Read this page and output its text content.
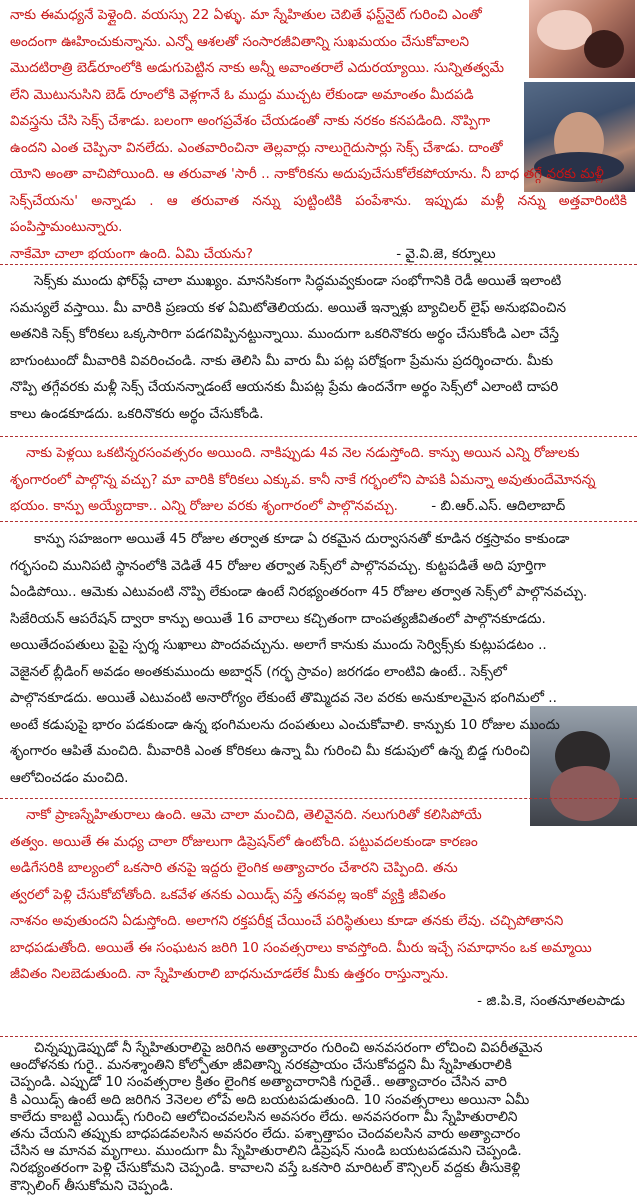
నాకు ఈమధ్యనే పెళ్లైంది. వయస్సు 22 ఏళ్ళు. మా స్నేహితుల చెబితే ఫస్ట్‌నైట్ గురించి ఎంతో

అందంగా ఊహించుకున్నాను. ఎన్నో ఆశలతో సంసారజీవితాన్ని సుఖమయం చేసుకోవాలని

మొదటిరాత్రి బెడ్‌రూంలోకి అడుగుపెట్టిన నాకు అన్నీ అవాంతరాలే ఎదురయ్యాయి. సున్నితత్వమే

లేని మొటునుసిని బెడ్ రూంలోకి వెళ్లగానే ఓ ముద్దు ముచ్చట లేకుండా అమాంతం మీదపడి

వివస్త్రను చేసి సెక్స్ చేశాడు. బలంగా అంగప్రవేశం చేయడంతో నాకు నరకం కనపడింది. నొప్పిగా

ఉందని ఎంత చెప్పినా వినలేదు. ఎంతవారించినా తెల్లవార్లు నాలుగైదుసార్లు సెక్స్ చేశాడు. దాంతో

యోని అంతా వాచిపోయింది. ఆ తరువాత 'సారీ .. నాకోరికను అదుపుచేసుకోలేకపోయాను. నీ బాధ తగ్గే వరకు మళ్లీ

సెక్స్‌చేయను' అన్నాడు . ఆ తరువాత నన్ను పుట్టింటికి పంపేశాను. ఇప్పుడు మళ్లీ నన్ను అత్తవారింటికి పంపిస్తామంటున్నారు.

నాకేమో చాలా భయంగా ఉంది. ఏమి చేయను?	- వై.వి.జె, కర్నూలు

సెక్స్‌కు ముందు ఫోర్‌ప్లే చాలా ముఖ్యం. మానసికంగా సిద్ధమవ్వకుండా సంభోగానికి రెడీ అయితే ఇలాంటి

సమస్యలే వస్తాయి. మీ వారికి ప్రణయ కళ ఏమిటోతెలియదు. అయితే ఇన్నాళ్లు బ్యాచిలర్ లైఫ్ అనుభవించిన

అతనికి సెక్స్ కోరికలు ఒక్కసారిగా పడగవిప్పినట్టున్నాయి. ముందుగా ఒకరినొకరు అర్థం చేసుకోండి ఎలా చేస్తే

బాగుంటుందో మీవారికి వివరించండి. నాకు తెలిసి మీ వారు మీ పట్ల పరోక్షంగా ప్రేమను ప్రదర్శించారు. మీకు

నొప్పి తగ్గేవరకు మళ్లీ సెక్స్ చేయనన్నాడంటే ఆయనకు మీపట్ల ప్రేమ ఉందనేగా అర్థం సెక్స్‌లో ఎలాంటి దాపరి

కాలు ఉండకూడదు. ఒకరినొకరు అర్థం చేసుకోండి.

నాకు పెళ్లయి ఒకటిన్నరసంవత్సరం అయింది. నాకిప్పుడు 4వ నెల నడుస్తోంది. కాన్పు అయిన ఎన్ని రోజులకు

శృంగారంలో పాల్గొన్న వచ్చు? మా వారికి కోరికలు ఎక్కువ. కానీ నాకే గర్భంలోని పాపకి ఏమన్నా అవుతుందేమోనన్న

భయం. కాన్పు అయ్యేదాకా.. ఎన్ని రోజుల వరకు శృంగారంలో పాల్గొనవచ్చు. - బి.ఆర్.ఎస్. ఆదిలాబాద్

కాన్పు సహజంగా అయితే 45 రోజుల తర్వాత కూడా ఏ రకమైన దుర్వాసనతో కూడిన రక్తస్రావం కాకుండా

గర్భసంచి మునిపటి స్థానంలోకి వెడితే 45 రోజుల తర్వాత సెక్స్‌లో పాల్గొనవచ్చు. కుట్టపడితే అది పూర్తిగా

ఏండిపోయి.. ఆమెకు ఎటువంటి నొప్పి లేకుండా ఉంటే నిరభ్యంతరంగా 45 రోజుల తర్వాత సెక్స్‌లో పాల్గొనవచ్చు.

సిజేరియన్ ఆపరేషన్ ద్వారా కాన్పు అయితే 16 వారాలు కచ్చితంగా దాంపత్యజీవితంలో పాల్గొనకూడదు.

అయితేదంపతులు పైపై స్పర్శ సుఖాలు పొందవచ్చును. అలాగే కానుకు ముందు సెర్విక్స్‌కు కుట్లుపడటం ..

వెజైనల్ బ్లీడింగ్ అవడం అంతకుముందు అబార్షన్ (గర్భ స్రావం) జరగడం లాంటివి ఉంటే.. సెక్స్‌లో

పాల్గొనకూడదు. అయితే ఎటువంటి అనారోగ్యం లేకుంటే తొమ్మిదవ నెల వరకు అనుకూలమైన భంగిమలో ..

అంటే కడుపుపై భారం పడకుండా ఉన్న భంగిమలను దంపతులు ఎంచుకోవాలి. కాన్పుకు 10 రోజుల ముందు

శృంగారం ఆపితే మంచిది. మీవారికి ఎంత కోరికలు ఉన్నా మీ గురించి మీ కడుపులో ఉన్న బిడ్డ గురించి

ఆలోచించడం మంచిది.

నాకో ప్రాణస్నేహితురాలు ఉంది. ఆమె చాలా మంచిది, తెలివైనది. నలుగురితో కలిసిపోయే

తత్వం. అయితే ఈ మధ్య చాలా రోజులుగా డిప్రెషన్‌లో ఉంటోంది. పట్టువదలకుండా కారణం

అడిగేసరికి బాల్యంలో ఒకసారి తనపై ఇద్దరు లైంగిక అత్యాచారం చేశారని చెప్పింది. తను

త్వరలో పెళ్లి చేసుకోబోతోంది. ఒకవేళ తనకు ఎయిడ్స్ వస్తే తనవల్ల ఇంకో వ్యక్తి జీవితం

నాశనం అవుతుందని ఏడుస్తోంది. అలాగని రక్తపరీక్ష చేయించే పరిస్థితులు కూడా తనకు లేవు. చచ్చిపోతానని

బాధపడుతోంది. అయితే ఈ సంఘటన జరిగి 10 సంవత్సరాలు కావస్తోంది. మీరు ఇచ్చే సమాధానం ఒక అమ్మాయి

జీవితం నిలబెడుతుంది. నా స్నేహితురాలి బాధనుచూడలేక మీకు ఉత్తరం రాస్తున్నాను.

- జి.పి.కె, సంతనూతలపాడు

చిన్నప్పుడెప్పుడో నీ స్నేహితురాలిపై జరిగిన అత్యాచారం గురించి అనవసరంగా లోచించి విపరీతమైన

ఆందోళనకు గురై.. మనశ్శాంతిని కోల్పోతూ జీవితాన్ని నరకప్రాయం చేసుకోవద్దని మీ స్నేహితురాలికి

చెప్పండి. ఎప్పుడో 10 సంవత్సరాల క్రితం లైంగిక అత్యాచారానికి గురైతే.. అత్యాచారం చేసిన వారి

కి ఎయిడ్స్ ఉంటే అది జరిగిన 3నెలల లోపే అది బయటపడుతుంది. 10 సంవత్సరాలు అయినా ఏమీ

కాలేదు కాబట్టి ఎయిడ్స్ గురించి ఆలోచించవలసిన అవసరం లేదు. అనవసరంగా మీ స్నేహితురాలిని

తను చేయని తప్పుకు బాధపడవలసిన అవసరం లేదు. పశ్చాత్తాపం చెందవలసిన వారు అత్యాచారం

చేసిన ఆ మానవ మృగాలు. ముందుగా మీ స్నేహితురాలిని డిప్రెషన్ నుండి బయటపడమని చెప్పండి.

నిరభ్యంతరంగా పెళ్లి చేసుకోమని చెప్పండి. కావాలని వస్తే ఒకసారి మారిటల్ కౌన్సిలర్ వద్దకు తీసుకెళ్లి

కౌన్సిలింగ్ తీసుకోమని చెప్పండి.
